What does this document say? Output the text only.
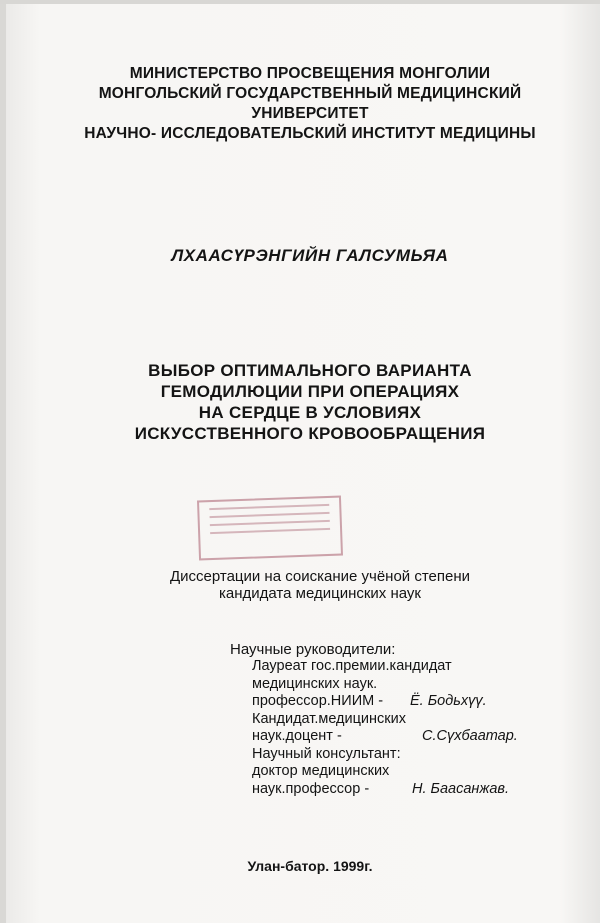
МИНИСТЕРСТВО ПРОСВЕЩЕНИЯ МОНГОЛИИ
МОНГОЛЬСКИЙ ГОСУДАРСТВЕННЫЙ МЕДИЦИНСКИЙ
УНИВЕРСИТЕТ
НАУЧНО- ИССЛЕДОВАТЕЛЬСКИЙ ИНСТИТУТ МЕДИЦИНЫ
ЛХААСҮРЭНГИЙН ГАЛСУМЬЯА
ВЫБОР ОПТИМАЛЬНОГО ВАРИАНТА
ГЕМОДИЛЮЦИИ ПРИ ОПЕРАЦИЯХ
НА СЕРДЦЕ В УСЛОВИЯХ
ИСКУССТВЕННОГО КРОВООБРАЩЕНИЯ
Диссертации на соискание учёной степени
кандидата медицинских наук
Научные руководители:
Лауреат гос.премии.кандидат
медицинских наук.
профессор.НИИМ - Ё. Бодьхүү.
Кандидат.медицинских
наук.доцент -	С.Сүхбаатар.
Научный консультант:
доктор медицинских
наук.профессор -	Н. Баасанжав.
Улан-батор. 1999г.
